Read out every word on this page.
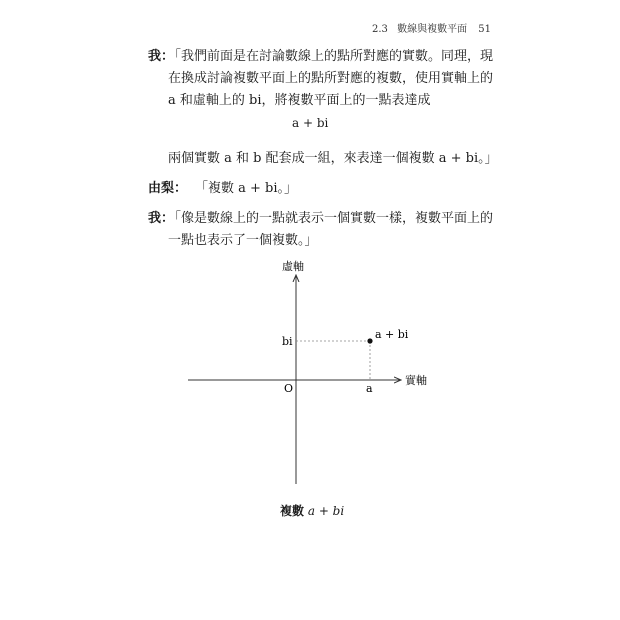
2.3 數線與複數平面 51
我：
「我們前面是在討論數線上的點所對應的實數。同理，現
在換成討論複數平面上的點所對應的複數，使用實軸上的
a 和虛軸上的 bi，將複數平面上的一點表達成
a + bi
兩個實數 a 和 b 配套成一組，來表達一個複數 a + bi。」
由梨： 「複數 a + bi。」
我：
「像是數線上的一點就表示一個實數一樣，複數平面上的
一點也表示了一個複數。」
虛軸
實軸
O
bi
a
a + bi
複數 a + bi
